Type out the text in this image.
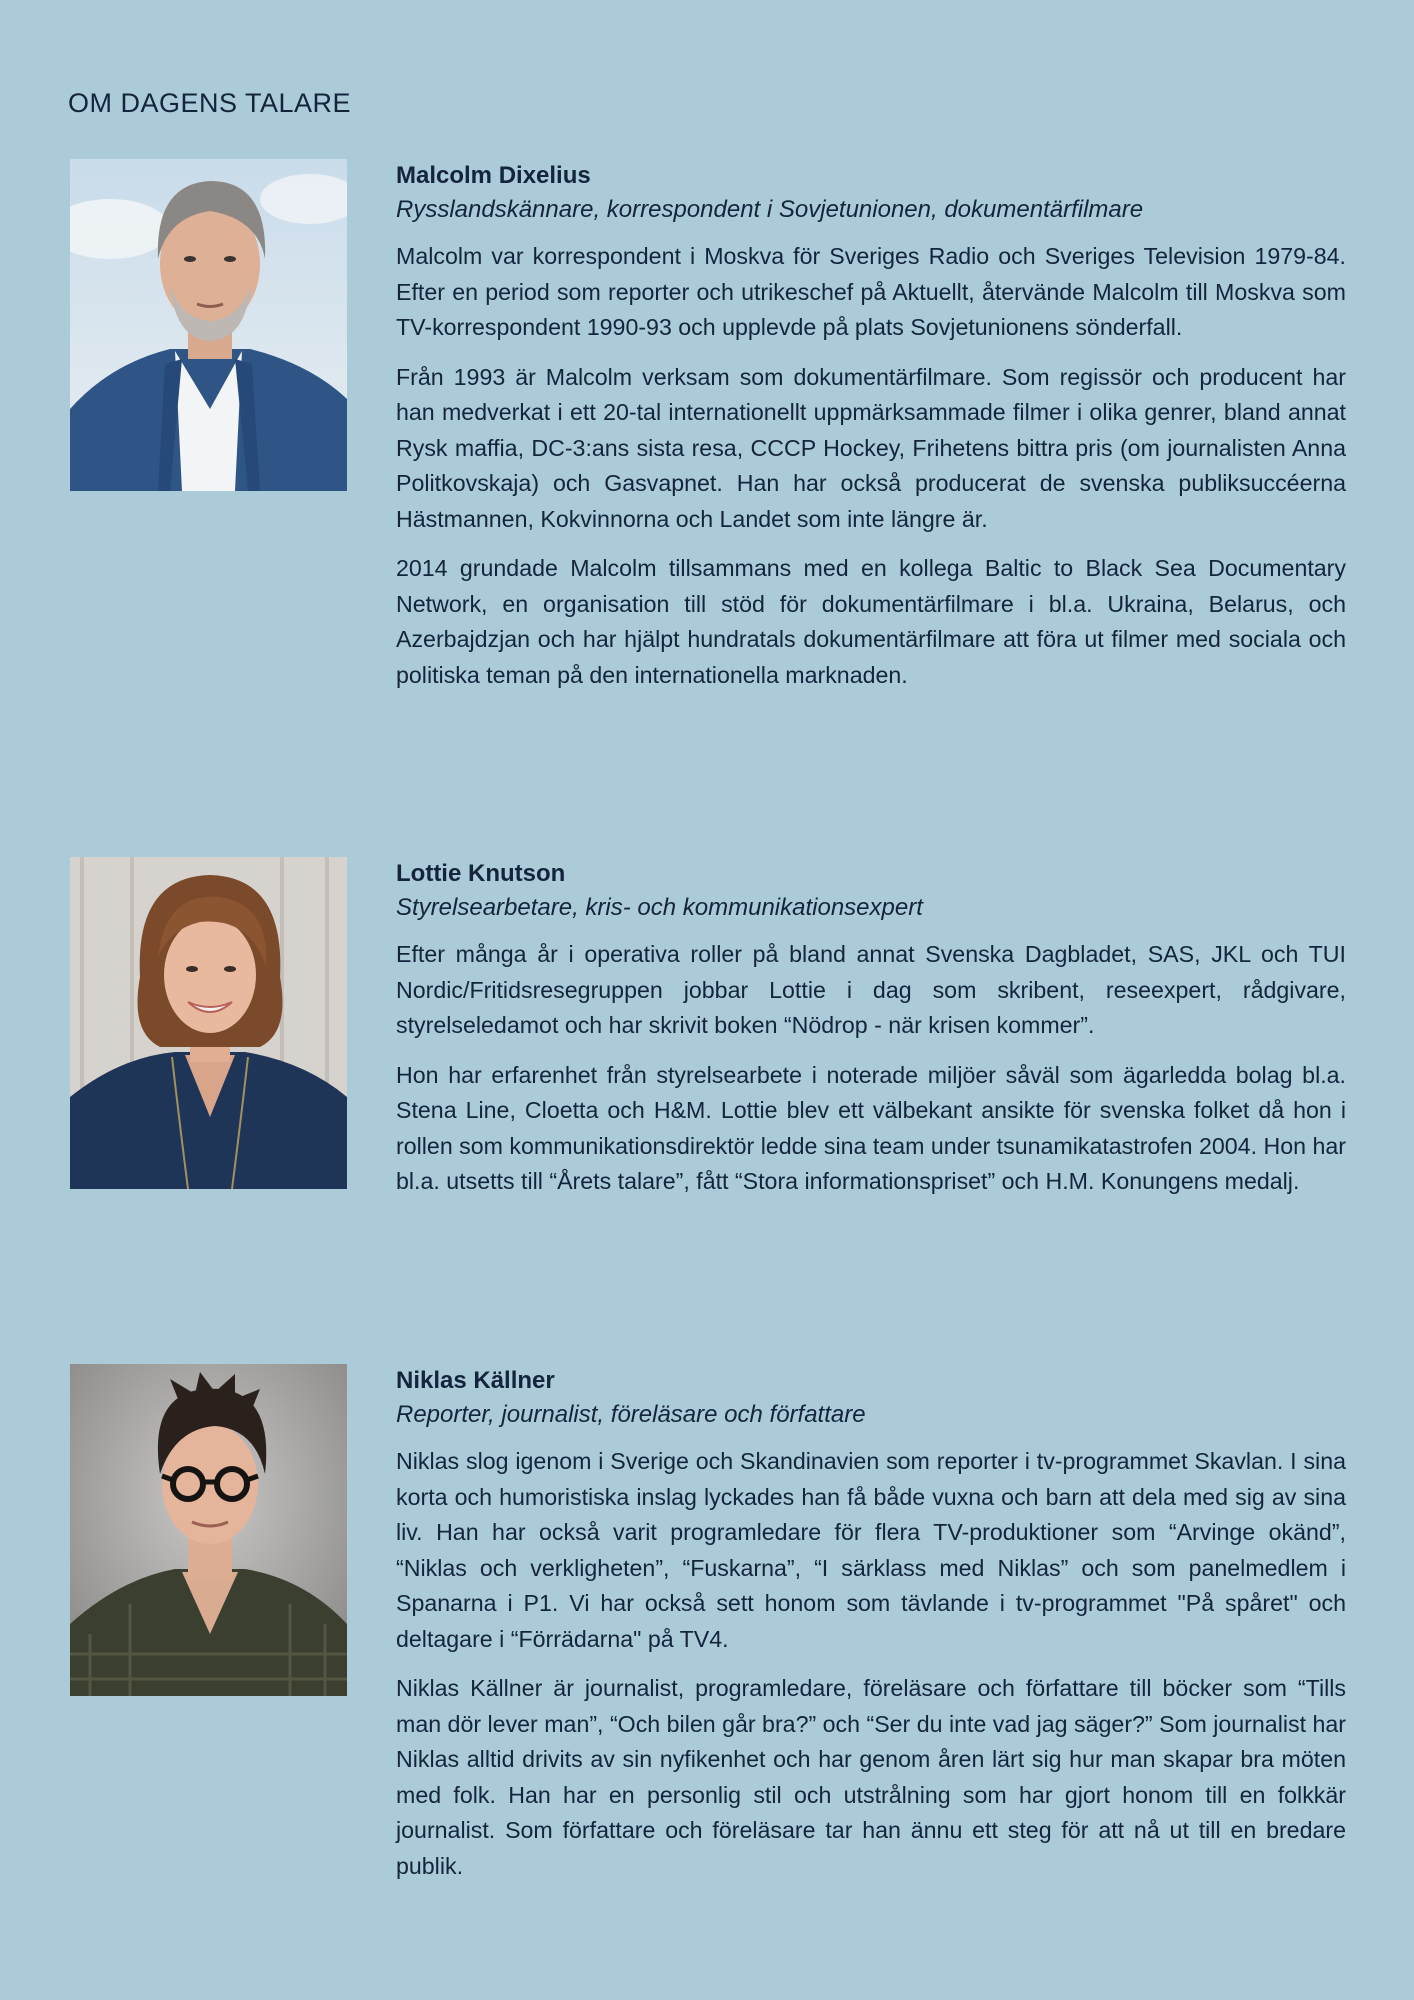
OM DAGENS TALARE

Malcolm Dixelius

Rysslandskännare, korrespondent i Sovjetunionen, dokumentärfilmare

Malcolm var korrespondent i Moskva för Sveriges Radio och Sveriges Television 1979-84. Efter en period som reporter och utrikeschef på Aktuellt, återvände Malcolm till Moskva som TV-korrespondent 1990-93 och upplevde på plats Sovjetunionens sönderfall.

Från 1993 är Malcolm verksam som dokumentärfilmare. Som regissör och producent har han medverkat i ett 20-tal internationellt uppmärksammade filmer i olika genrer, bland annat Rysk maffia, DC-3:ans sista resa, CCCP Hockey, Frihetens bittra pris (om journalisten Anna Politkovskaja) och Gasvapnet. Han har också producerat de svenska publiksuccéerna Hästmannen, Kokvinnorna och Landet som inte längre är.

2014 grundade Malcolm tillsammans med en kollega Baltic to Black Sea Documentary Network, en organisation till stöd för dokumentärfilmare i bl.a. Ukraina, Belarus, och Azerbajdzjan och har hjälpt hundratals dokumentärfilmare att föra ut filmer med sociala och politiska teman på den internationella marknaden.

Lottie Knutson

Styrelsearbetare, kris- och kommunikationsexpert

Efter många år i operativa roller på bland annat Svenska Dagbladet, SAS, JKL och TUI Nordic/Fritidsresegruppen jobbar Lottie i dag som skribent, reseexpert, rådgivare, styrelseledamot och har skrivit boken “Nödrop - när krisen kommer”.

Hon har erfarenhet från styrelsearbete i noterade miljöer såväl som ägarledda bolag bl.a. Stena Line, Cloetta och H&M. Lottie blev ett välbekant ansikte för svenska folket då hon i rollen som kommunikationsdirektör ledde sina team under tsunamikatastrofen 2004. Hon har bl.a. utsetts till “Årets talare”, fått “Stora informationspriset” och H.M. Konungens medalj.

Niklas Källner

Reporter, journalist, föreläsare och författare

Niklas slog igenom i Sverige och Skandinavien som reporter i tv-programmet Skavlan. I sina korta och humoristiska inslag lyckades han få både vuxna och barn att dela med sig av sina liv. Han har också varit programledare för flera TV-produktioner som “Arvinge okänd”, “Niklas och verkligheten”, “Fuskarna”, “I särklass med Niklas” och som panelmedlem i Spanarna i P1. Vi har också sett honom som tävlande i tv-programmet "På spåret" och deltagare i “Förrädarna" på TV4.

Niklas Källner är journalist, programledare, föreläsare och författare till böcker som “Tills man dör lever man”, “Och bilen går bra?” och “Ser du inte vad jag säger?” Som journalist har Niklas alltid drivits av sin nyfikenhet och har genom åren lärt sig hur man skapar bra möten med folk. Han har en personlig stil och utstrålning som har gjort honom till en folkkär journalist. Som författare och föreläsare tar han ännu ett steg för att nå ut till en bredare publik.
